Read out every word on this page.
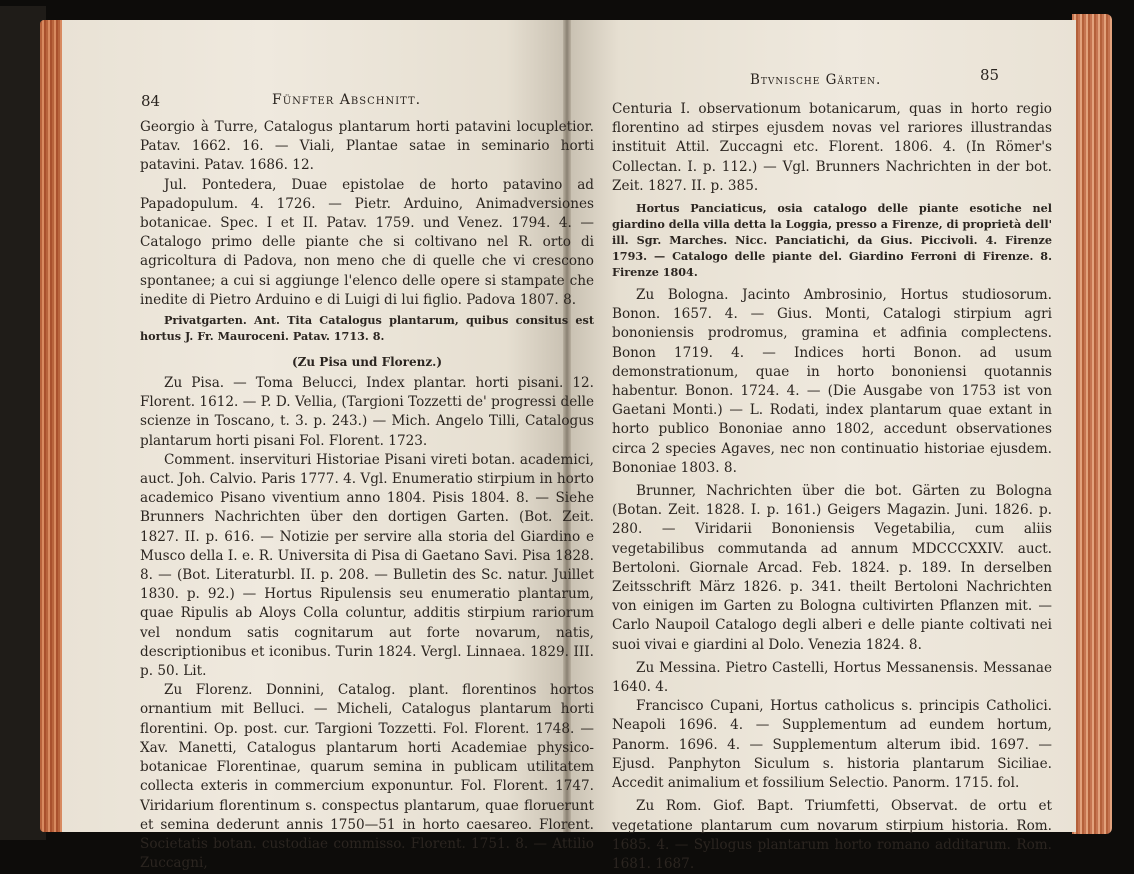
84	Fünfter Abschnitt.

Georgio à Turre, Catalogus plantarum horti patavini locupletior. Patav. 1662. 16. — Viali, Plantae satae in seminario horti patavini. Patav. 1686. 12.

Jul. Pontedera, Duae epistolae de horto patavino ad Papadopulum. 4. 1726. — Pietr. Arduino, Animadversiones botanicae. Spec. I et II. Patav. 1759. und Venez. 1794. 4. — Catalogo primo delle piante che si coltivano nel R. orto di agricoltura di Padova, non meno che di quelle che vi crescono spontanee; a cui si aggiunge l'elenco delle opere si stampate che inedite di Pietro Arduino e di Luigi di lui figlio. Padova 1807. 8.

Privatgarten. Ant. Tita Catalogus plantarum, quibus consitus est hortus J. Fr. Mauroceni. Patav. 1713. 8.

(Zu Pisa und Florenz.)

Zu Pisa. — Toma Belucci, Index plantar. horti pisani. 12. Florent. 1612. — P. D. Vellia, (Targioni Tozzetti de' progressi delle scienze in Toscano, t. 3. p. 243.) — Mich. Angelo Tilli, Catalogus plantarum horti pisani Fol. Florent. 1723.

Comment. inservituri Historiae Pisani vireti botan. academici, auct. Joh. Calvio. Paris 1777. 4. Vgl. Enumeratio stirpium in horto academico Pisano viventium anno 1804. Pisis 1804. 8. — Siehe Brunners Nachrichten über den dortigen Garten. (Bot. Zeit. 1827. II. p. 616. — Notizie per servire alla storia del Giardino e Musco della I. e. R. Universita di Pisa di Gaetano Savi. Pisa 1828. 8. — (Bot. Literaturbl. II. p. 208. — Bulletin des Sc. natur. Juillet 1830. p. 92.) — Hortus Ripulensis seu enumeratio plantarum, quae Ripulis ab Aloys Colla coluntur, additis stirpium rariorum vel nondum satis cognitarum aut forte novarum, natis, descriptionibus et iconibus. Turin 1824. Vergl. Linnaea. 1829. III. p. 50. Lit.

Zu Florenz. Donnini, Catalog. plant. florentinos hortos ornantium mit Belluci. — Micheli, Catalogus plantarum horti florentini. Op. post. cur. Targioni Tozzetti. Fol. Florent. 1748. — Xav. Manetti, Catalogus plantarum horti Academiae physico-botanicae Florentinae, quarum semina in publicam utilitatem collecta exteris in commercium exponuntur. Fol. Florent. 1747. Viridarium florentinum s. conspectus plantarum, quae floruerunt et semina dederunt annis 1750—51 in horto caesareo. Florent. Societatis botan. custodiae commisso. Florent. 1751. 8. — Attilio Zuccagni,

Btvnische Gärten.	85

Centuria I. observationum botanicarum, quas in horto regio florentino ad stirpes ejusdem novas vel rariores illustrandas instituit Attil. Zuccagni etc. Florent. 1806. 4. (In Römer's Collectan. I. p. 112.) — Vgl. Brunners Nachrichten in der bot. Zeit. 1827. II. p. 385.

Hortus Panciaticus, osia catalogo delle piante esotiche nel giardino della villa detta la Loggia, presso a Firenze, di proprietà dell' ill. Sgr. Marches. Nicc. Panciatichi, da Gius. Piccivoli. 4. Firenze 1793. — Catalogo delle piante del. Giardino Ferroni di Firenze. 8. Firenze 1804.

Zu Bologna. Jacinto Ambrosinio, Hortus studiosorum. Bonon. 1657. 4. — Gius. Monti, Catalogi stirpium agri bononiensis prodromus, gramina et adfinia complectens. Bonon 1719. 4. — Indices horti Bonon. ad usum demonstrationum, quae in horto bononiensi quotannis habentur. Bonon. 1724. 4. — (Die Ausgabe von 1753 ist von Gaetani Monti.) — L. Rodati, index plantarum quae extant in horto publico Bononiae anno 1802, accedunt observationes circa 2 species Agaves, nec non continuatio historiae ejusdem. Bononiae 1803. 8.

Brunner, Nachrichten über die bot. Gärten zu Bologna (Botan. Zeit. 1828. I. p. 161.) Geigers Magazin. Juni. 1826. p. 280. — Viridarii Bononiensis Vegetabilia, cum aliis vegetabilibus commutanda ad annum MDCCCXXIV. auct. Bertoloni. Giornale Arcad. Feb. 1824. p. 189. In derselben Zeitsschrift März 1826. p. 341. theilt Bertoloni Nachrichten von einigen im Garten zu Bologna cultivirten Pflanzen mit. — Carlo Naupoil Catalogo degli alberi e delle piante coltivati nei suoi vivai e giardini al Dolo. Venezia 1824. 8.

Zu Messina. Pietro Castelli, Hortus Messanensis. Messanae 1640. 4.

Francisco Cupani, Hortus catholicus s. principis Catholici. Neapoli 1696. 4. — Supplementum ad eundem hortum, Panorm. 1696. 4. — Supplementum alterum ibid. 1697. — Ejusd. Panphyton Siculum s. historia plantarum Siciliae. Accedit animalium et fossilium Selectio. Panorm. 1715. fol.

Zu Rom. Giof. Bapt. Triumfetti, Observat. de ortu et vegetatione plantarum cum novarum stirpium historia. Rom. 1685. 4. — Syllogus plantarum horto romano additarum. Rom. 1681. 1687.
